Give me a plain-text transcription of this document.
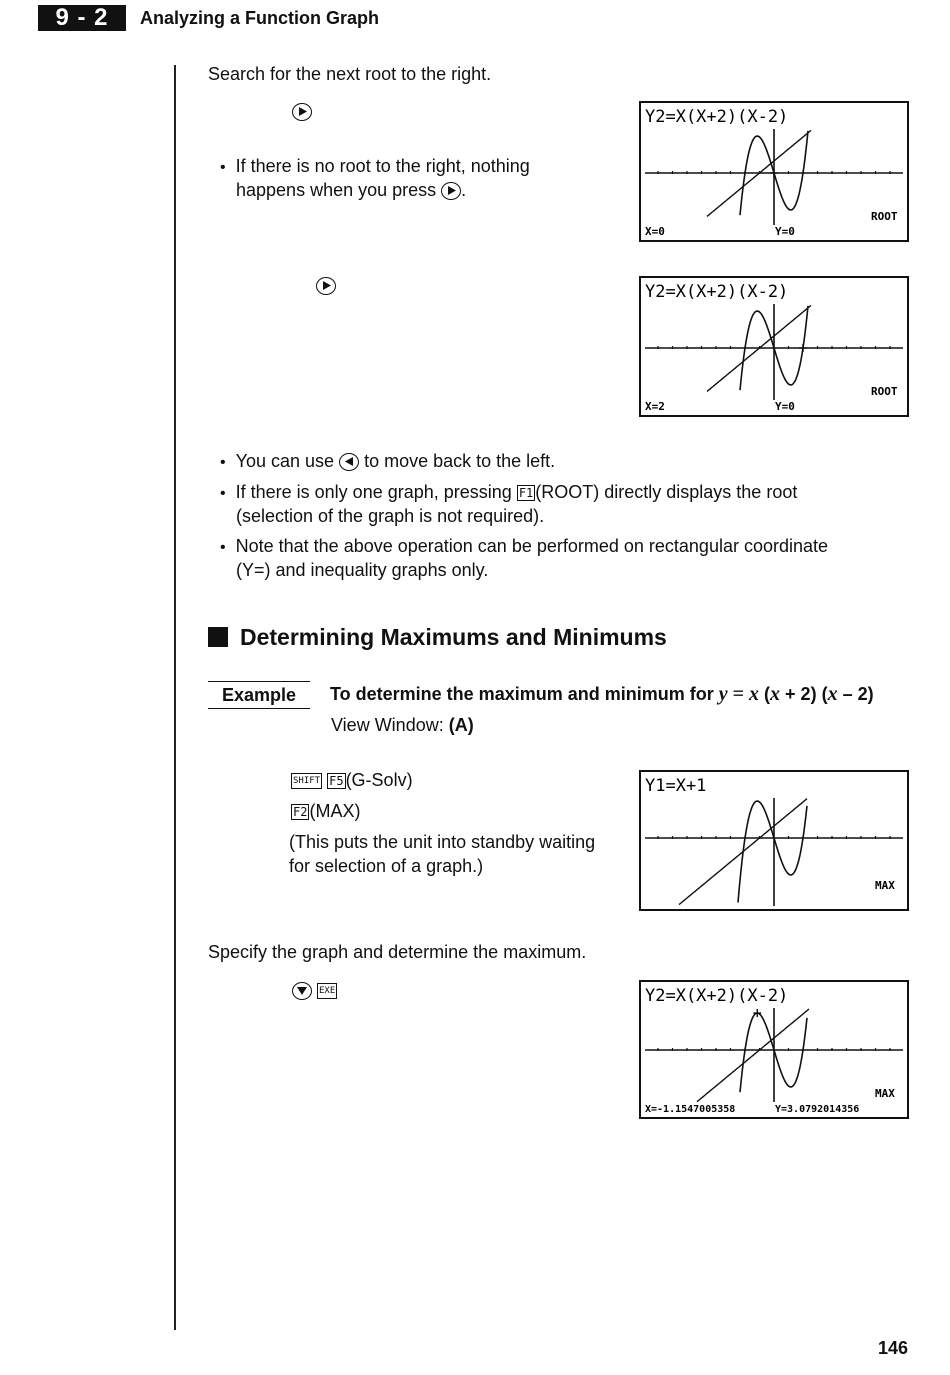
9 - 2	Analyzing a Function Graph
Search for the next root to the right.

• If there is no root to the right, nothing
happens when you press .
Y2=X(X+2)(X-2)
ROOT
X=0	Y=0
Y2=X(X+2)(X-2)
ROOT
X=2	Y=0
• You can use to move back to the left.
• If there is only one graph, pressing F1 (ROOT) directly displays the root
(selection of the graph is not required).
• Note that the above operation can be performed on rectangular coordinate
(Y=) and inequality graphs only.
Determining Maximums and Minimums
Example	To determine the maximum and minimum for y = x (x + 2) (x – 2)
View Window: (A)
SHIFT F5 (G-Solv)
F2 (MAX)
(This puts the unit into standby waiting
for selection of a graph.)
Y1=X+1
MAX
Specify the graph and determine the maximum.
EXE	Y2=X(X+2)(X-2)
MAX
X=-1.1547005358	Y=3.0792014356
146
